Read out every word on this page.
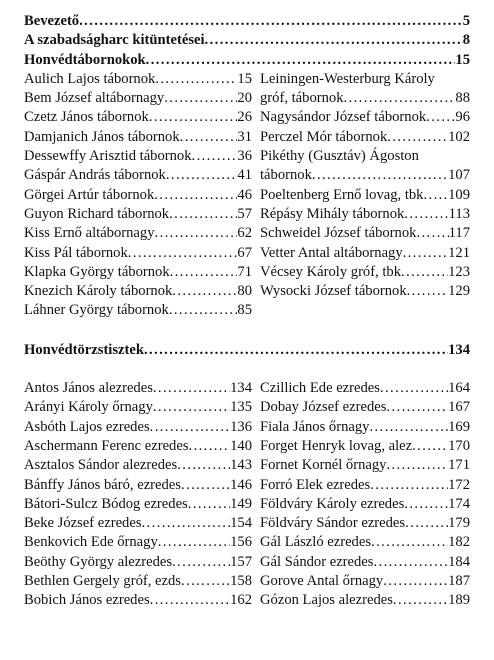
Bevezető .....	5
A szabadságharc kitüntetései .....	8
Honvédtábornokok .....	15
Aulich Lajos tábornok .....	15
Bem József altábornagy .....	20
Czetz János tábornok .....	26
Damjanich János tábornok .....	31
Dessewffy Arisztid tábornok .....	36
Gáspár András tábornok .....	41
Görgei Artúr tábornok .....	46
Guyon Richard tábornok .....	57
Kiss Ernő altábornagy .....	62
Kiss Pál tábornok .....	67
Klapka György tábornok .....	71
Knezich Károly tábornok .....	80
Láhner György tábornok .....	85
Leiningen-Westerburg Károly
gróf, tábornok .....	88
Nagysándor József tábornok ..... 96
Perczel Mór tábornok .....	102
Pikéthy (Gusztáv) Ágoston
tábornok .....	107
Poeltenberg Ernő lovag, tbk ..... 109
Répásy Mihály tábornok .....	113
Schweidel József tábornok ..... 117
Vetter Antal altábornagy .....	121
Vécsey Károly gróf, tbk .....	123
Wysocki József tábornok .....	129
Honvédtörzstisztek .....	134
Antos János alezredes .....	134
Arányi Károly őrnagy .....	135
Asbóth Lajos ezredes .....	136
Aschermann Ferenc ezredes .....	140
Asztalos Sándor alezredes .....	143
Bánffy János báró, ezredes .....	146
Bátori-Sulcz Bódog ezredes .....	149
Beke József ezredes .....	154
Benkovich Ede őrnagy .....	156
Beöthy György alezredes .....	157
Bethlen Gergely gróf, ezds .....	158
Bobich János ezredes .....	162
Czillich Ede ezredes .....	164
Dobay József ezredes .....	167
Fiala János őrnagy .....	169
Forget Henryk lovag, alez ..... 170
Fornet Kornél őrnagy .....	171
Forró Elek ezredes .....	172
Földváry Károly ezredes .....	174
Földváry Sándor ezredes .....	179
Gál László ezredes .....	182
Gál Sándor ezredes .....	184
Gorove Antal őrnagy .....	187
Gózon Lajos alezredes .....	189
